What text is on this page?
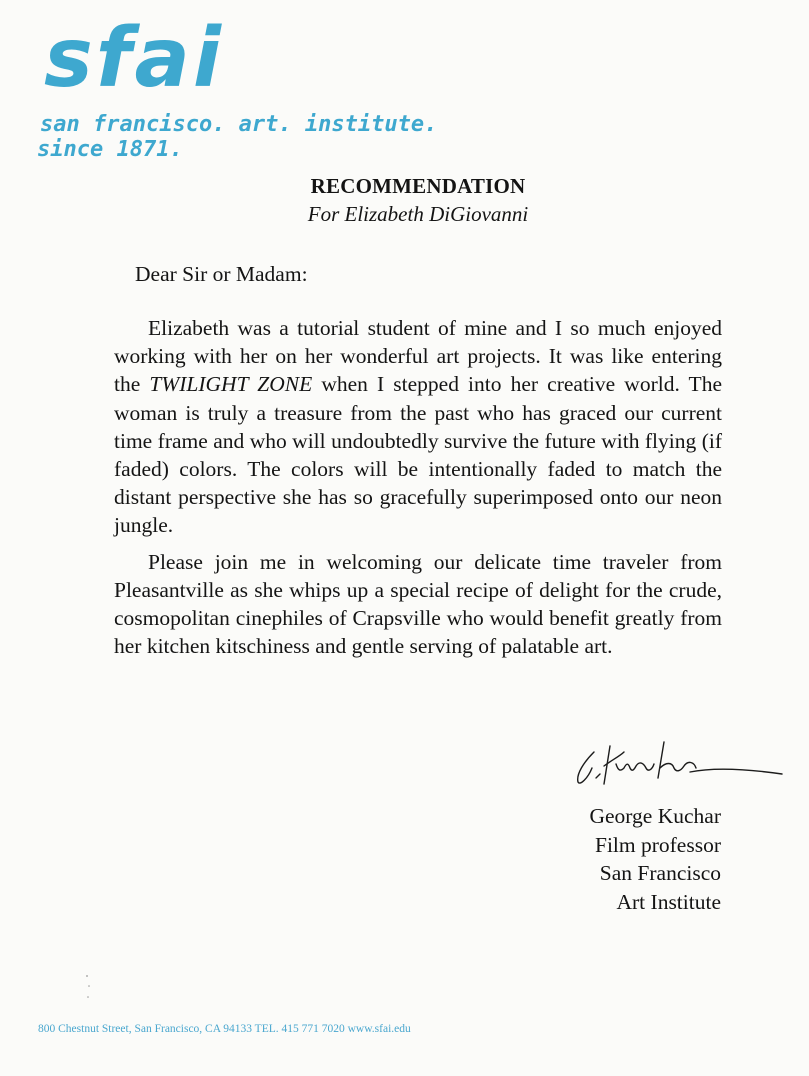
sfai
san francisco. art. institute.
since 1871.
RECOMMENDATION
For Elizabeth DiGiovanni
Dear Sir or Madam:

Elizabeth was a tutorial student of mine and I so much enjoyed working with her on her wonderful art projects. It was like entering the TWILIGHT ZONE when I stepped into her creative world. The woman is truly a treasure from the past who has graced our current time frame and who will undoubtedly survive the future with flying (if faded) colors. The colors will be intentionally faded to match the distant perspective she has so gracefully superimposed onto our neon jungle.

Please join me in welcoming our delicate time traveler from Pleasantville as she whips up a special recipe of delight for the crude, cosmopolitan cinephiles of Crapsville who would benefit greatly from her kitchen kitschiness and gentle serving of palatable art.

George Kuchar
Film professor
San Francisco
Art Institute
800 Chestnut Street, San Francisco, CA 94133 TEL. 415 771 7020 www.sfai.edu
